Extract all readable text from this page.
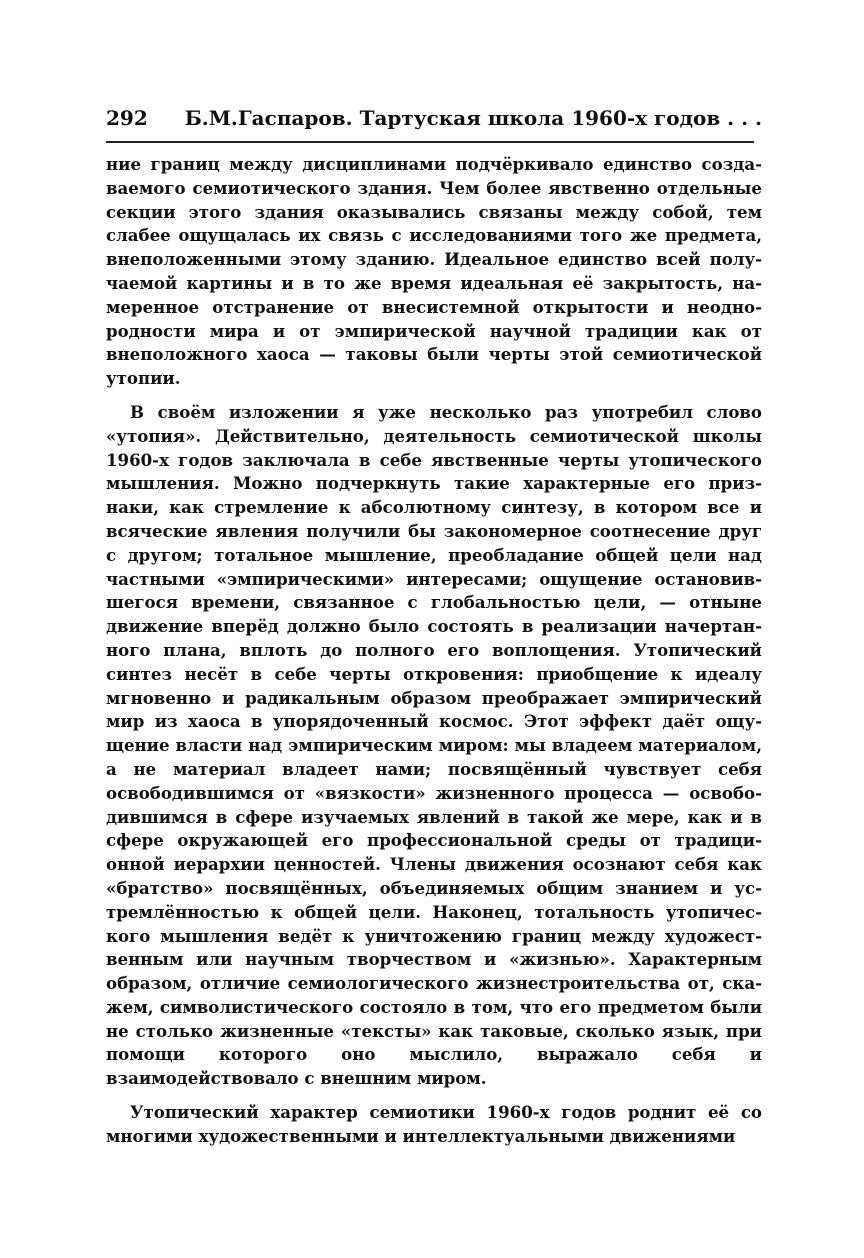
292	Б.М.Гаспаров. Тартуская школа 1960-х годов . . .

ние границ между дисциплинами подчёркивало единство создаваемого семиотического здания. Чем более явственно отдельные секции этого здания оказывались связаны между собой, тем слабее ощущалась их связь с исследованиями того же предмета, внеположенными этому зданию. Идеальное единство всей получаемой картины и в то же время идеальная её закрытость, намеренное отстранение от внесистемной открытости и неоднородности мира и от эмпирической научной традиции как от внеположного хаоса — таковы были черты этой семиотической утопии.

В своём изложении я уже несколько раз употребил слово «утопия». Действительно, деятельность семиотической школы 1960-х годов заключала в себе явственные черты утопического мышления. Можно подчеркнуть такие характерные его признаки, как стремление к абсолютному синтезу, в котором все и всяческие явления получили бы закономерное соотнесение друг с другом; тотальное мышление, преобладание общей цели над частными «эмпирическими» интересами; ощущение остановившегося времени, связанное с глобальностью цели, — отныне движение вперёд должно было состоять в реализации начертанного плана, вплоть до полного его воплощения. Утопический синтез несёт в себе черты откровения: приобщение к идеалу мгновенно и радикальным образом преображает эмпирический мир из хаоса в упорядоченный космос. Этот эффект даёт ощущение власти над эмпирическим миром: мы владеем материалом, а не материал владеет нами; посвящённый чувствует себя освободившимся от «вязкости» жизненного процесса — освободившимся в сфере изучаемых явлений в такой же мере, как и в сфере окружающей его профессиональной среды от традиционной иерархии ценностей. Члены движения осознают себя как «братство» посвящённых, объединяемых общим знанием и устремлённостью к общей цели. Наконец, тотальность утопического мышления ведёт к уничтожению границ между художественным или научным творчеством и «жизнью». Характерным образом, отличие семиологического жизнестроительства от, скажем, символистического состояло в том, что его предметом были не столько жизненные «тексты» как таковые, сколько язык, при помощи которого оно мыслило, выражало себя и взаимодействовало с внешним миром.

Утопический характер семиотики 1960-х годов роднит её со многими художественными и интеллектуальными движениями
